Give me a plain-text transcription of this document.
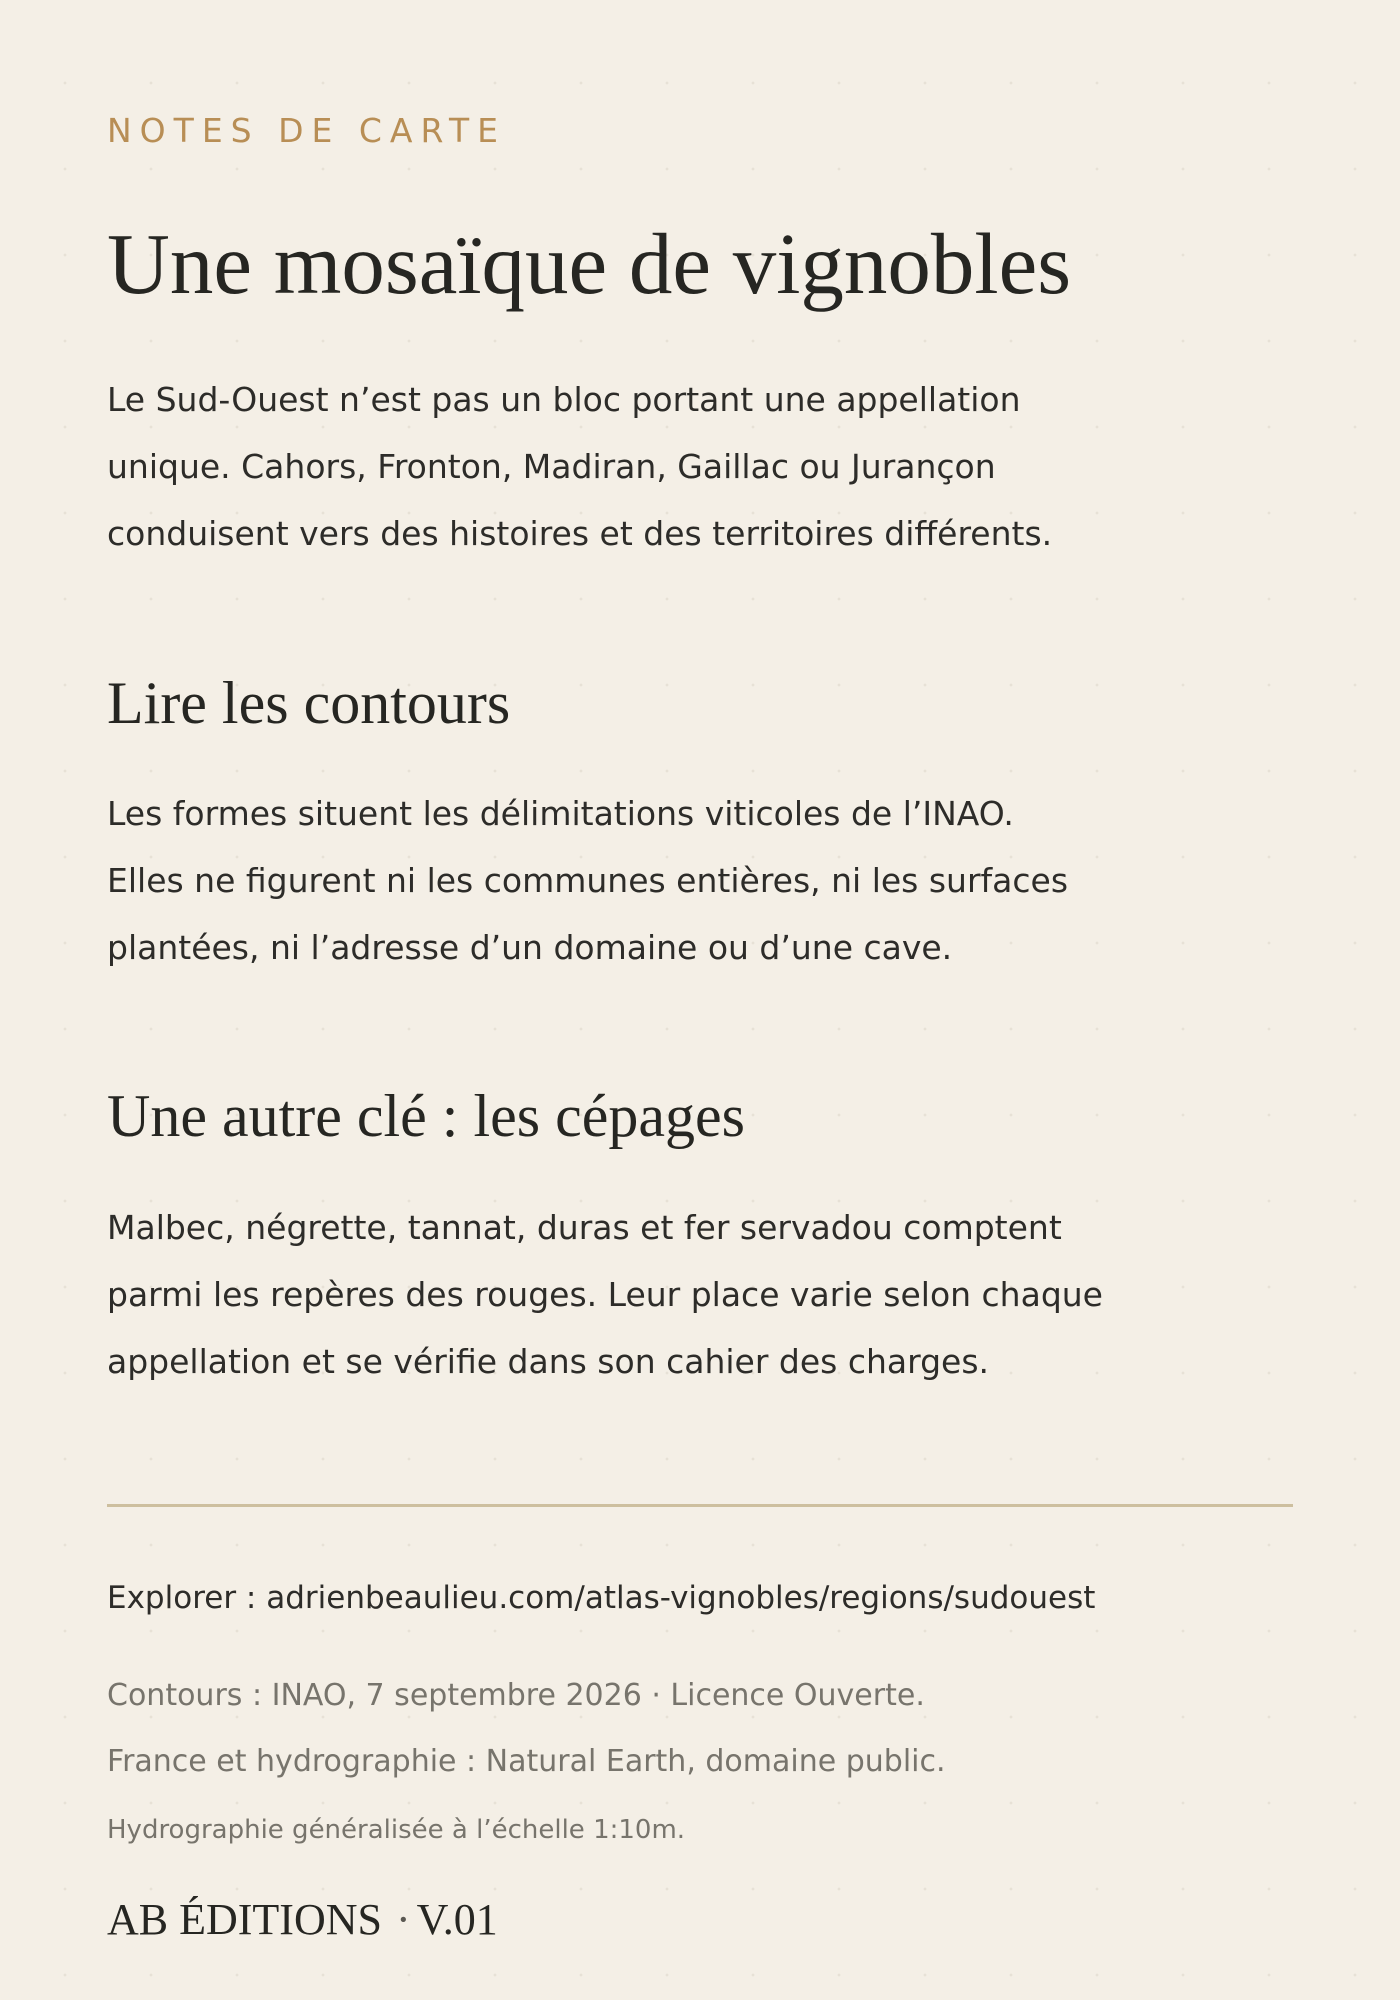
NOTES DE CARTE
Une mosaïque de vignobles

Le Sud-Ouest n’est pas un bloc portant une appellation
unique. Cahors, Fronton, Madiran, Gaillac ou Jurançon
conduisent vers des histoires et des territoires différents.

Lire les contours

Les formes situent les délimitations viticoles de l’INAO.
Elles ne figurent ni les communes entières, ni les surfaces
plantées, ni l’adresse d’un domaine ou d’une cave.

Une autre clé : les cépages

Malbec, négrette, tannat, duras et fer servadou comptent
parmi les repères des rouges. Leur place varie selon chaque
appellation et se vérifie dans son cahier des charges.

Explorer : adrienbeaulieu.com/atlas-vignobles/regions/sudouest
Contours : INAO, 7 septembre 2026 · Licence Ouverte.
France et hydrographie : Natural Earth, domaine public.
Hydrographie généralisée à l’échelle 1:10m.
AB ÉDITIONS · V.01
